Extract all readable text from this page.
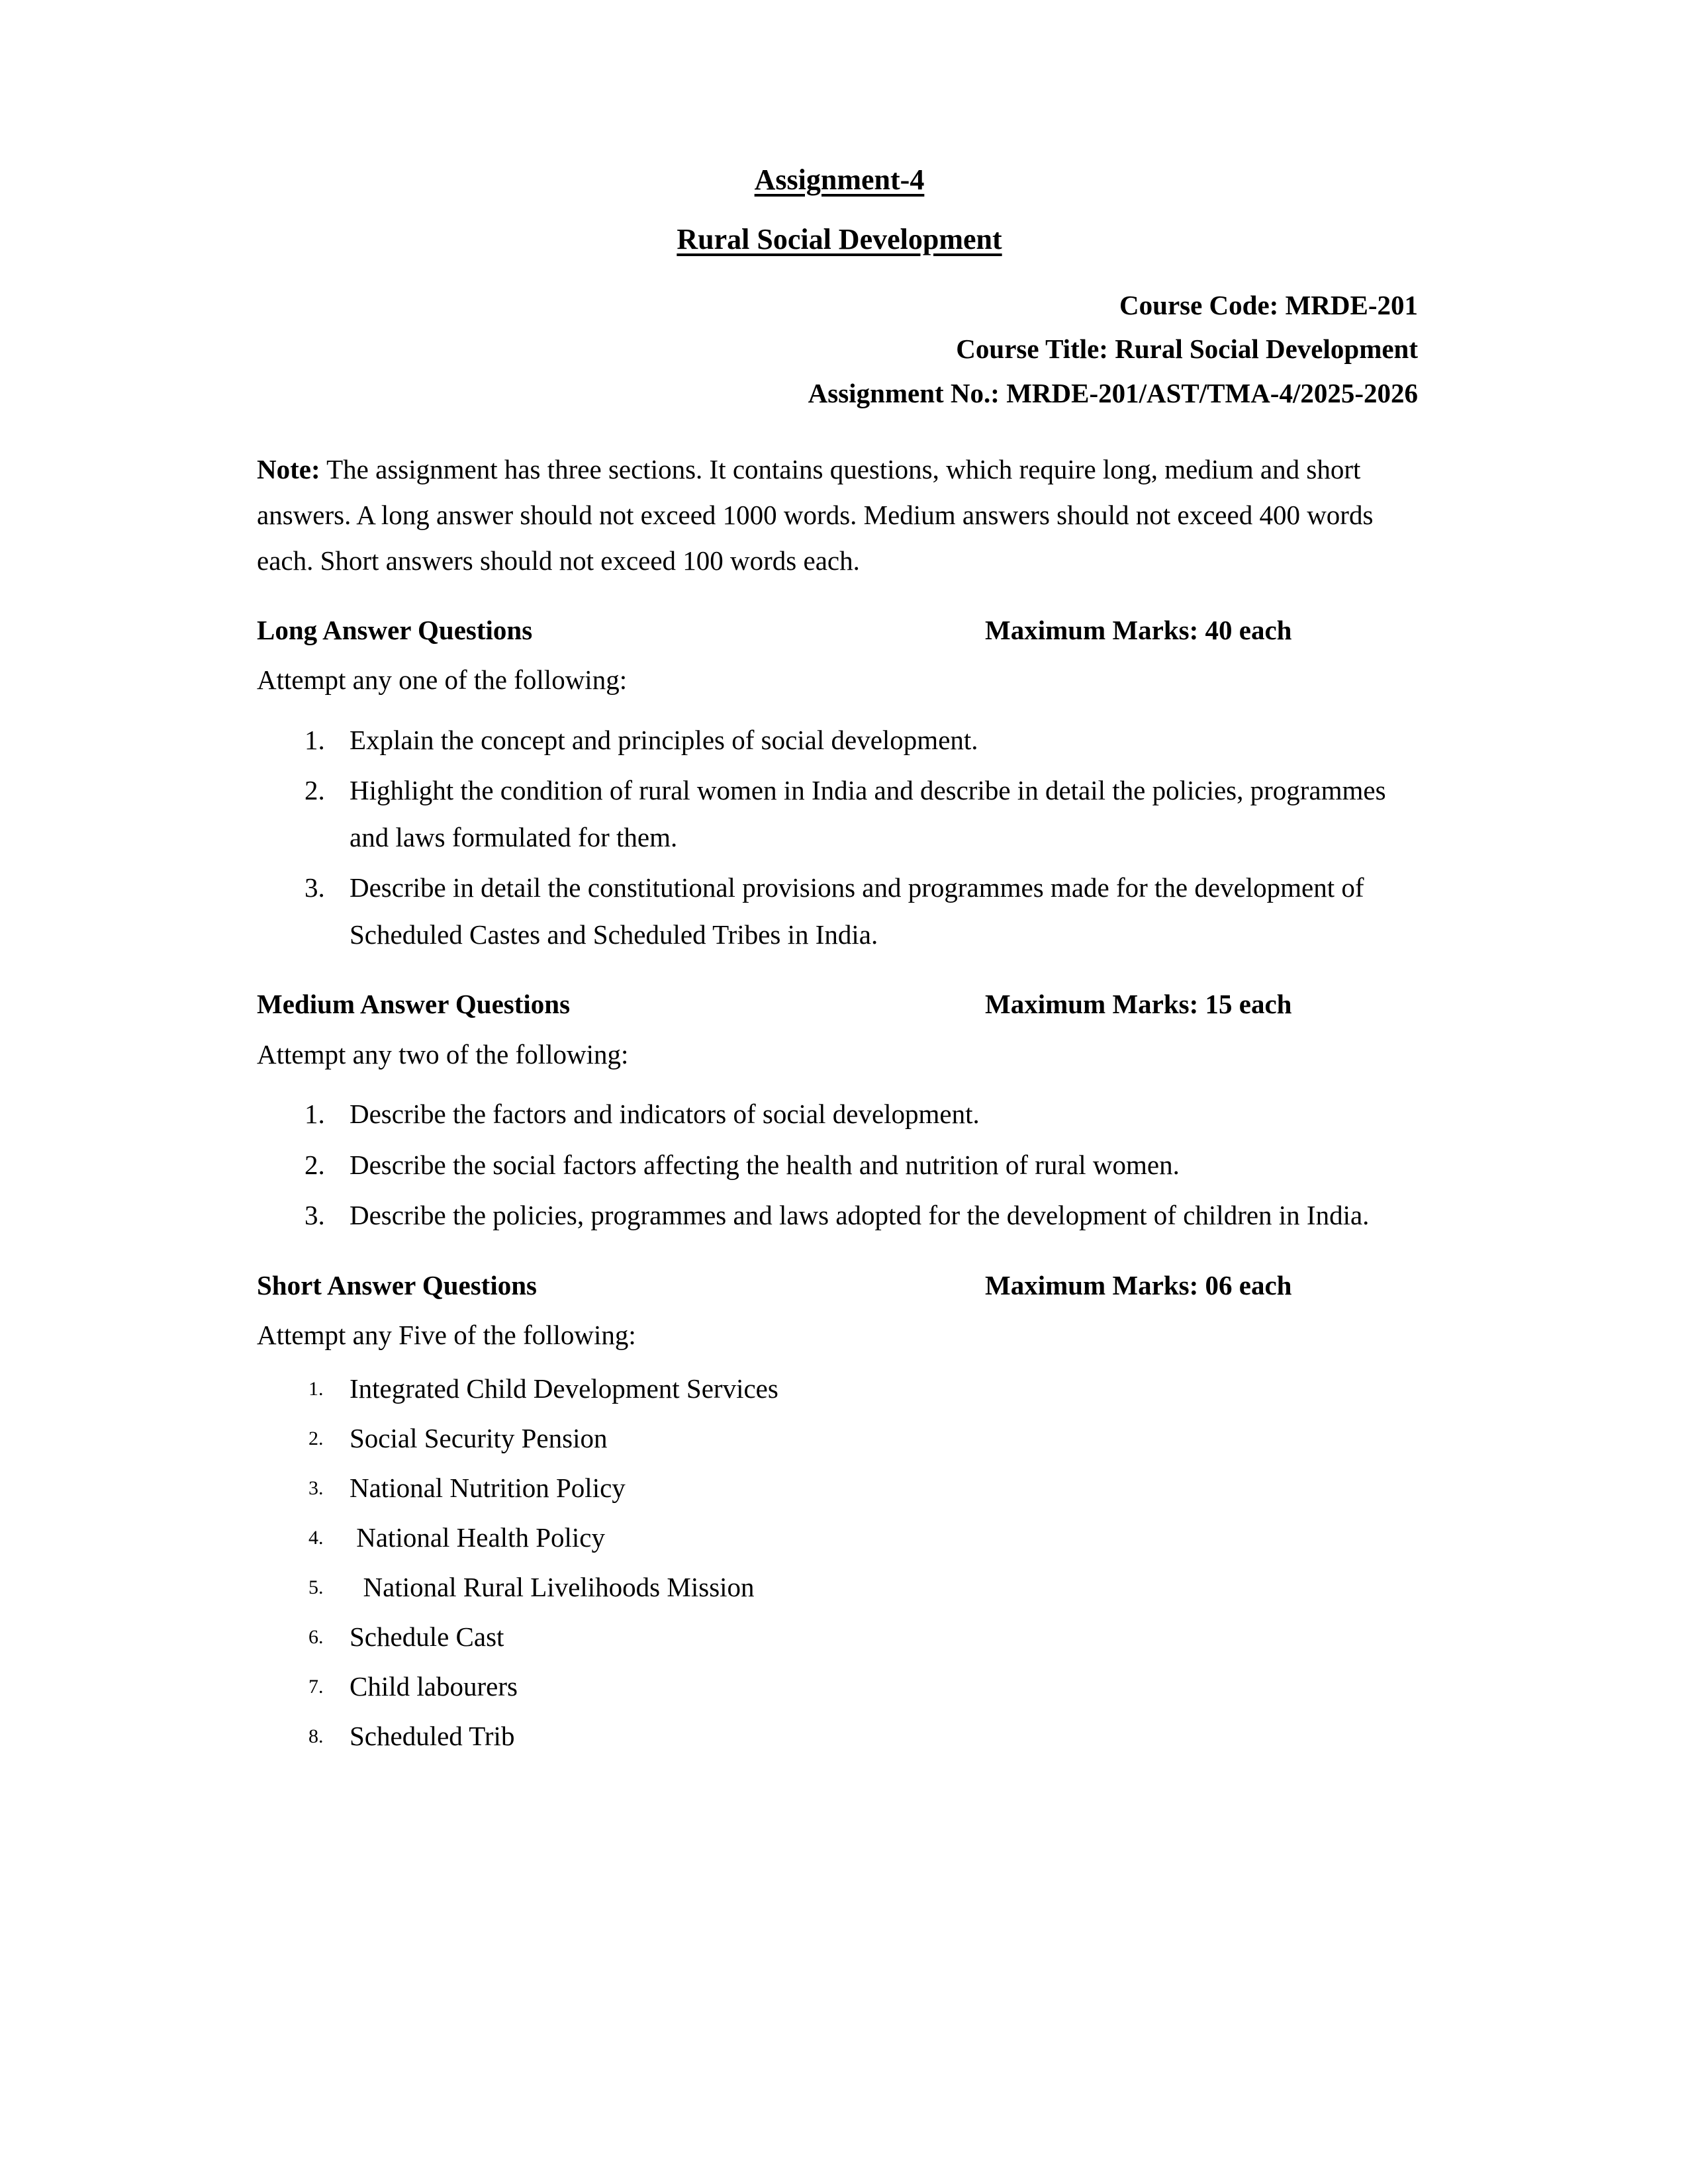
Assignment-4
Rural Social Development
Course Code: MRDE-201
Course Title: Rural Social Development
Assignment No.: MRDE-201/AST/TMA-4/2025-2026
Note: The assignment has three sections. It contains questions, which require long, medium and short answers. A long answer should not exceed 1000 words. Medium answers should not exceed 400 words each. Short answers should not exceed 100 words each.
Long Answer Questions	Maximum Marks: 40 each
Attempt any one of the following:
1. Explain the concept and principles of social development.
2. Highlight the condition of rural women in India and describe in detail the policies, programmes and laws formulated for them.
3. Describe in detail the constitutional provisions and programmes made for the development of Scheduled Castes and Scheduled Tribes in India.
Medium Answer Questions	Maximum Marks: 15 each
Attempt any two of the following:
1. Describe the factors and indicators of social development.
2. Describe the social factors affecting the health and nutrition of rural women.
3. Describe the policies, programmes and laws adopted for the development of children in India.
Short Answer Questions	Maximum Marks: 06 each
Attempt any Five of the following:
1. Integrated Child Development Services
2. Social Security Pension
3. National Nutrition Policy
4. National Health Policy
5. National Rural Livelihoods Mission
6. Schedule Cast
7. Child labourers
8. Scheduled Trib
